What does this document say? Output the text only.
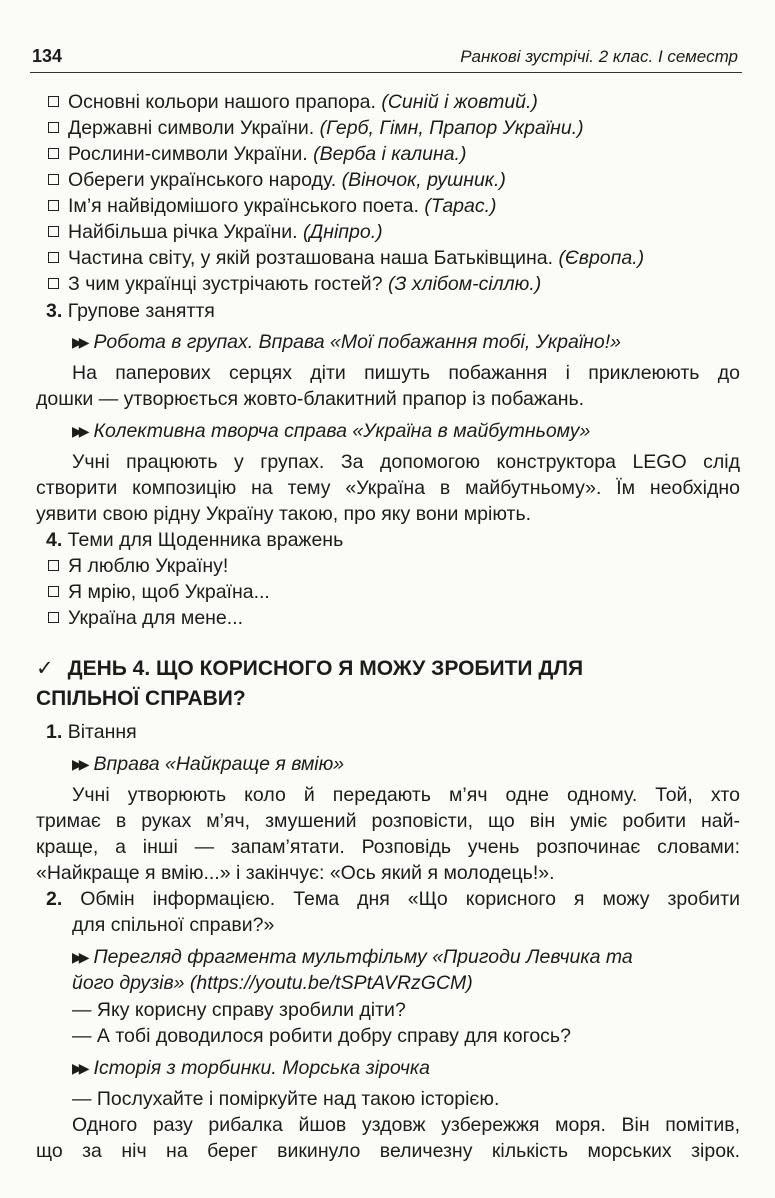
134	Ранкові зустрічі. 2 клас. І семестр
Основні кольори нашого прапора. (Синій і жовтий.)
Державні символи України. (Герб, Гімн, Прапор України.)
Рослини-символи України. (Верба і калина.)
Обереги українського народу. (Віночок, рушник.)
Ім’я найвідомішого українського поета. (Тарас.)
Найбільша річка України. (Дніпро.)
Частина світу, у якій розташована наша Батьківщина. (Європа.)
З чим українці зустрічають гостей? (З хлібом-сіллю.)
3. Групове заняття
▶▶ Робота в групах. Вправа «Мої побажання тобі, Україно!»
На паперових серцях діти пишуть побажання і приклеюють до
дошки — утворюється жовто-блакитний прапор із побажань.
▶▶ Колективна творча справа «Україна в майбутньому»
Учні працюють у групах. За допомогою конструктора LEGO слід
створити композицію на тему «Україна в майбутньому». Їм необхідно
уявити свою рідну Україну такою, про яку вони мріють.
4. Теми для Щоденника вражень
Я люблю Україну!
Я мрію, щоб Україна...
Україна для мене...
✓ ДЕНЬ 4. ЩО КОРИСНОГО Я МОЖУ ЗРОБИТИ ДЛЯ
СПІЛЬНОЇ СПРАВИ?
1. Вітання
▶▶ Вправа «Найкраще я вмію»
Учні утворюють коло й передають м’яч одне одному. Той, хто
тримає в руках м’яч, змушений розповісти, що він уміє робити най-
краще, а інші — запам’ятати. Розповідь учень розпочинає словами:
«Найкраще я вмію...» і закінчує: «Ось який я молодець!».
2. Обмін інформацією. Тема дня «Що корисного я можу зробити
для спільної справи?»
▶▶ Перегляд фрагмента мультфільму «Пригоди Левчика та
його друзів» (https://youtu.be/tSPtAVRzGCM)
— Яку корисну справу зробили діти?
— А тобі доводилося робити добру справу для когось?
▶▶ Історія з торбинки. Морська зірочка
— Послухайте і поміркуйте над такою історією.
Одного разу рибалка йшов уздовж узбережжя моря. Він помітив,
що за ніч на берег викинуло величезну кількість морських зірок.
